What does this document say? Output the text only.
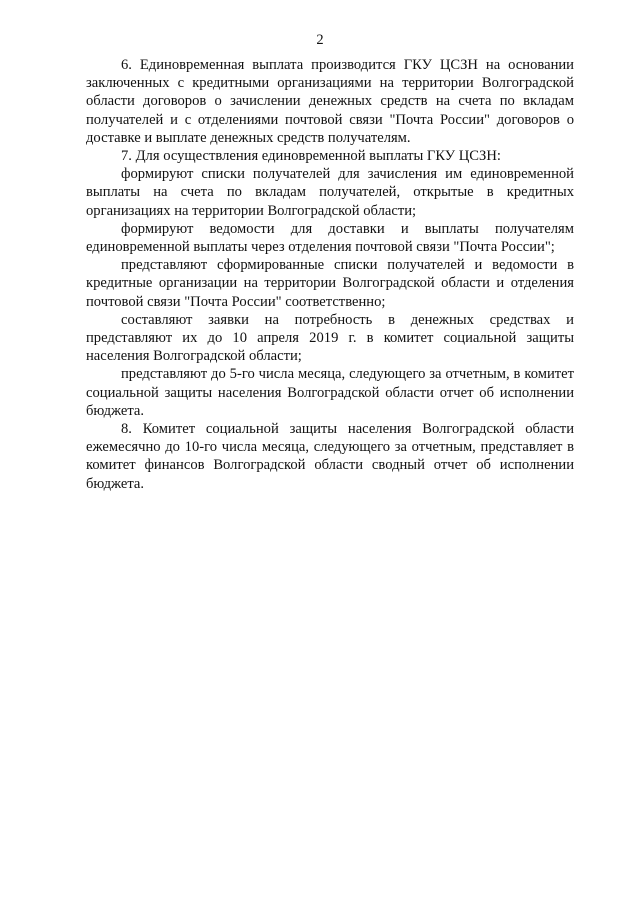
2

6. Единовременная выплата производится ГКУ ЦСЗН на основании заключенных с кредитными организациями на территории Волгоградской области договоров о зачислении денежных средств на счета по вкладам получателей и с отделениями почтовой связи "Почта России" договоров о доставке и выплате денежных средств получателям.

7. Для осуществления единовременной выплаты ГКУ ЦСЗН:

формируют списки получателей для зачисления им единовременной выплаты на счета по вкладам получателей, открытые в кредитных организациях на территории Волгоградской области;

формируют ведомости для доставки и выплаты получателям единовременной выплаты через отделения почтовой связи "Почта России";

представляют сформированные списки получателей и ведомости в кредитные организации на территории Волгоградской области и отделения почтовой связи "Почта России" соответственно;

составляют заявки на потребность в денежных средствах и представляют их до 10 апреля 2019 г. в комитет социальной защиты населения Волгоградской области;

представляют до 5-го числа месяца, следующего за отчетным, в комитет социальной защиты населения Волгоградской области отчет об исполнении бюджета.

8. Комитет социальной защиты населения Волгоградской области ежемесячно до 10-го числа месяца, следующего за отчетным, представляет в комитет финансов Волгоградской области сводный отчет об исполнении бюджета.
